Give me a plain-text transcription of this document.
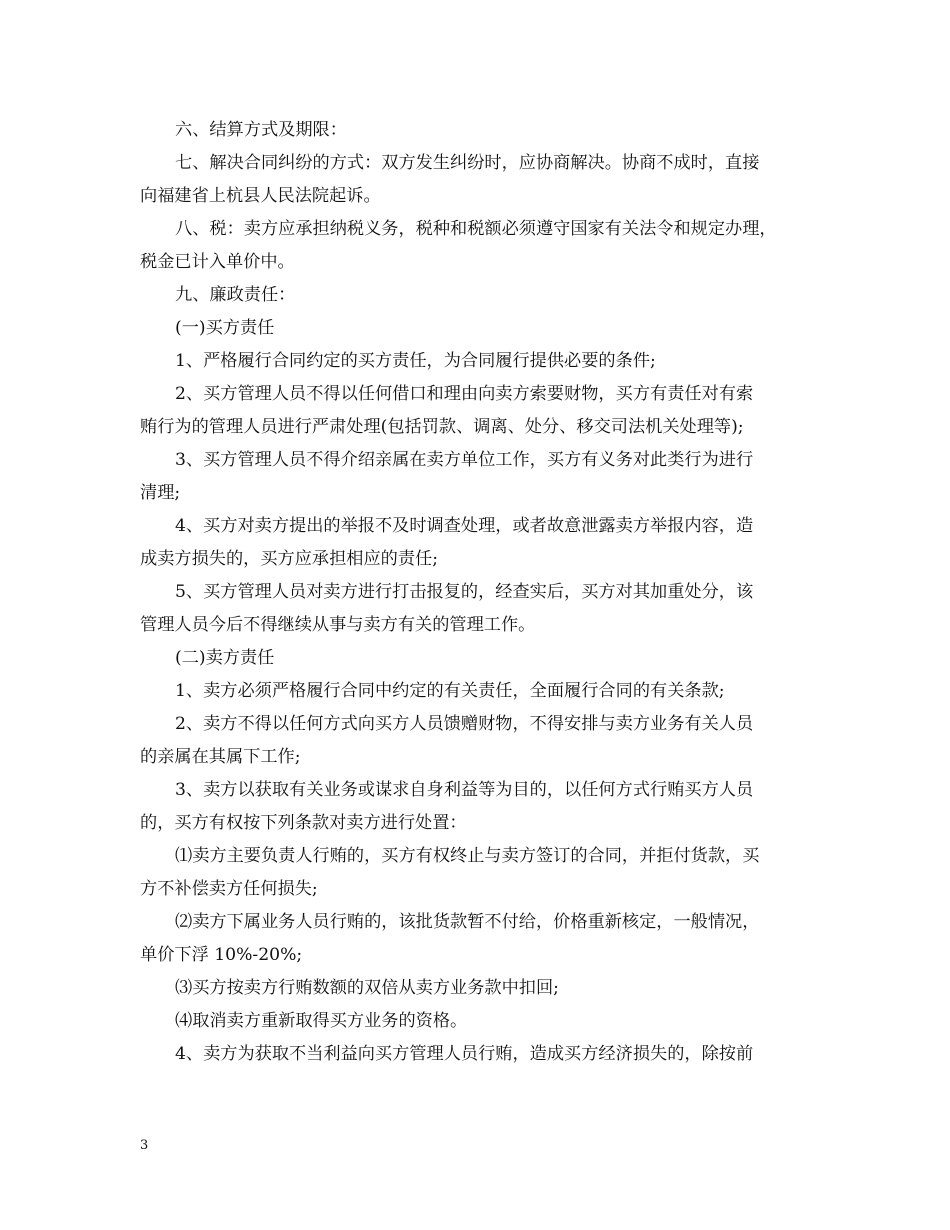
六、结算方式及期限：
七、解决合同纠纷的方式：双方发生纠纷时，应协商解决。协商不成时，直接
向福建省上杭县人民法院起诉。
八、税：卖方应承担纳税义务，税种和税额必须遵守国家有关法令和规定办理，
税金已计入单价中。
九、廉政责任：
(一)买方责任
1、严格履行合同约定的买方责任，为合同履行提供必要的条件;
2、买方管理人员不得以任何借口和理由向卖方索要财物，买方有责任对有索
贿行为的管理人员进行严肃处理(包括罚款、调离、处分、移交司法机关处理等);
3、买方管理人员不得介绍亲属在卖方单位工作，买方有义务对此类行为进行
清理;
4、买方对卖方提出的举报不及时调查处理，或者故意泄露卖方举报内容，造
成卖方损失的，买方应承担相应的责任;
5、买方管理人员对卖方进行打击报复的，经查实后，买方对其加重处分，该
管理人员今后不得继续从事与卖方有关的管理工作。
(二)卖方责任
1、卖方必须严格履行合同中约定的有关责任，全面履行合同的有关条款;
2、卖方不得以任何方式向买方人员馈赠财物，不得安排与卖方业务有关人员
的亲属在其属下工作;
3、卖方以获取有关业务或谋求自身利益等为目的，以任何方式行贿买方人员
的，买方有权按下列条款对卖方进行处置：
⑴卖方主要负责人行贿的，买方有权终止与卖方签订的合同，并拒付货款，买
方不补偿卖方任何损失;
⑵卖方下属业务人员行贿的，该批货款暂不付给，价格重新核定，一般情况，
单价下浮 10%-20%;
⑶买方按卖方行贿数额的双倍从卖方业务款中扣回;
⑷取消卖方重新取得买方业务的资格。
4、卖方为获取不当利益向买方管理人员行贿，造成买方经济损失的，除按前
3
